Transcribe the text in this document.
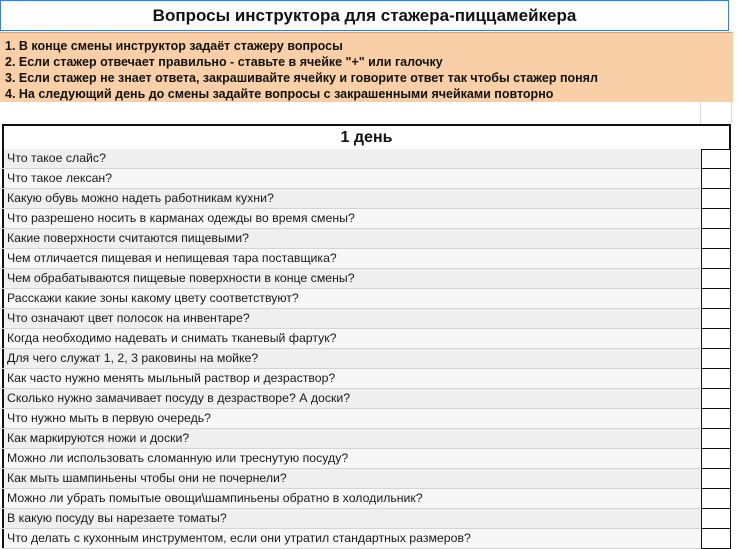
Вопросы инструктора для стажера-пиццамейкера
1. В конце смены инструктор задаёт стажеру вопросы
2. Если стажер отвечает правильно - ставьте в ячейке "+" или галочку
3. Если стажер не знает ответа, закрашивайте ячейку и говорите ответ так чтобы стажер понял
4. На следующий день до смены задайте вопросы с закрашенными ячейками повторно
1 день
Что такое слайс?
Что такое лексан?
Какую обувь можно надеть работникам кухни?
Что разрешено носить в карманах одежды во время смены?
Какие поверхности считаются пищевыми?
Чем отличается пищевая и непищевая тара поставщика?
Чем обрабатываются пищевые поверхности в конце смены?
Расскажи какие зоны какому цвету соответствуют?
Что означают цвет полосок на инвентаре?
Когда необходимо надевать и снимать тканевый фартук?
Для чего служат 1, 2, 3 раковины на мойке?
Как часто нужно менять мыльный раствор и дезраствор?
Сколько нужно замачивает посуду в дезрастворе? А доски?
Что нужно мыть в первую очередь?
Как маркируются ножи и доски?
Можно ли использовать сломанную или треснутую посуду?
Как мыть шампиньены чтобы они не почернели?
Можно ли убрать помытые овощи\шампиньены обратно в холодильник?
В какую посуду вы нарезаете томаты?
Что делать с кухонным инструментом, если они утратил стандартных размеров?
